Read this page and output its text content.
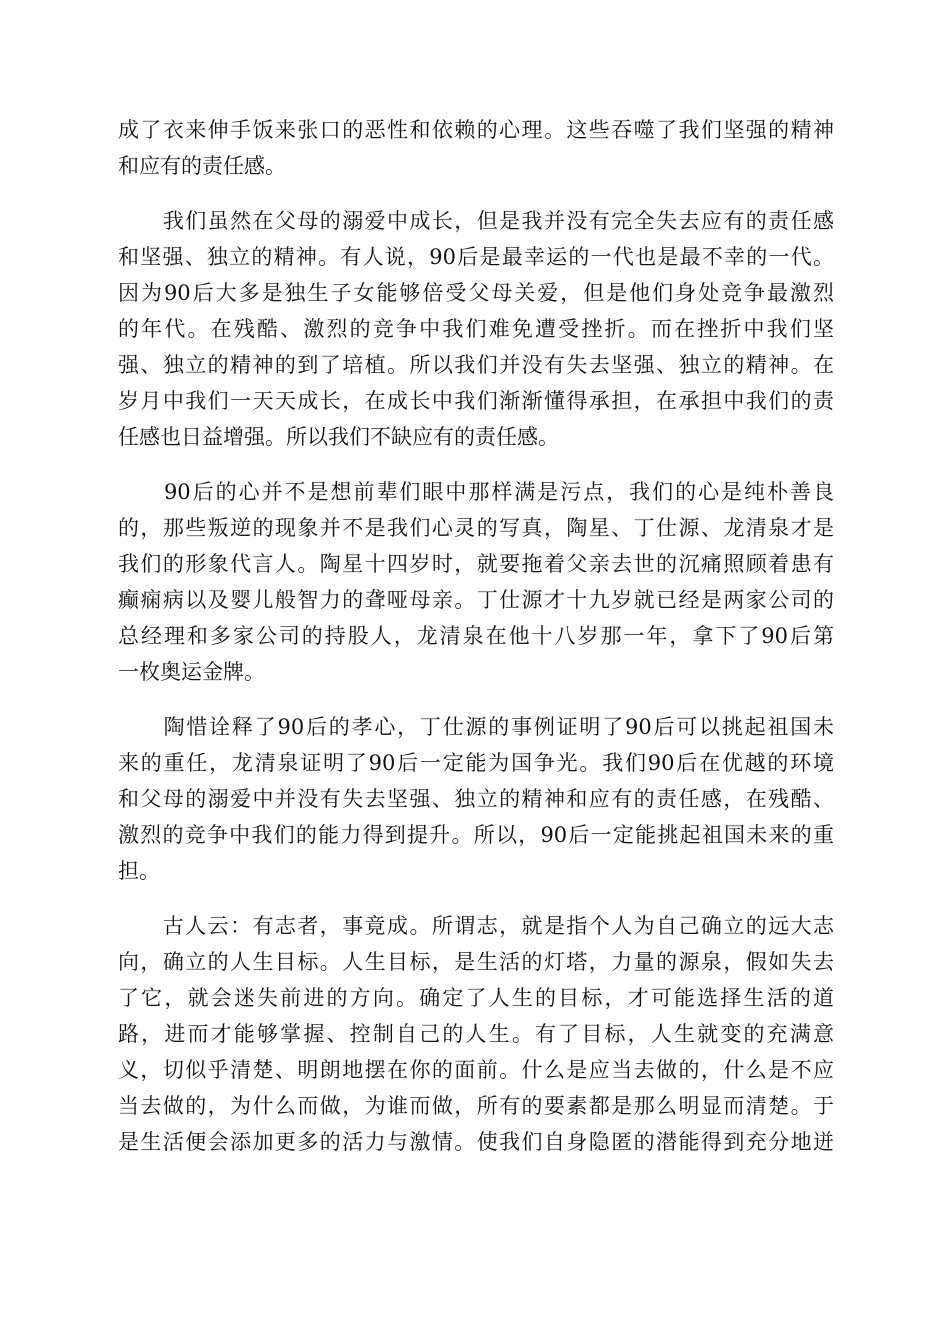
成了衣来伸手饭来张口的恶性和依赖的心理。这些吞噬了我们坚强的精神
和应有的责任感。
　　我们虽然在父母的溺爱中成长，但是我并没有完全失去应有的责任感
和坚强、独立的精神。有人说，90后是最幸运的一代也是最不幸的一代。
因为90后大多是独生子女能够倍受父母关爱，但是他们身处竞争最激烈
的年代。在残酷、激烈的竞争中我们难免遭受挫折。而在挫折中我们坚
强、独立的精神的到了培植。所以我们并没有失去坚强、独立的精神。在
岁月中我们一天天成长，在成长中我们渐渐懂得承担，在承担中我们的责
任感也日益增强。所以我们不缺应有的责任感。
　　90后的心并不是想前辈们眼中那样满是污点，我们的心是纯朴善良
的，那些叛逆的现象并不是我们心灵的写真，陶星、丁仕源、龙清泉才是
我们的形象代言人。陶星十四岁时，就要拖着父亲去世的沉痛照顾着患有
癫痫病以及婴儿般智力的聋哑母亲。丁仕源才十九岁就已经是两家公司的
总经理和多家公司的持股人，龙清泉在他十八岁那一年，拿下了90后第
一枚奥运金牌。
　　陶惜诠释了90后的孝心，丁仕源的事例证明了90后可以挑起祖国未
来的重任，龙清泉证明了90后一定能为国争光。我们90后在优越的环境
和父母的溺爱中并没有失去坚强、独立的精神和应有的责任感，在残酷、
激烈的竞争中我们的能力得到提升。所以，90后一定能挑起祖国未来的重
担。
　　古人云：有志者，事竟成。所谓志，就是指个人为自己确立的远大志
向，确立的人生目标。人生目标，是生活的灯塔，力量的源泉，假如失去
了它，就会迷失前进的方向。确定了人生的目标，才可能选择生活的道
路，进而才能够掌握、控制自己的人生。有了目标，人生就变的充满意
义，切似乎清楚、明朗地摆在你的面前。什么是应当去做的，什么是不应
当去做的，为什么而做，为谁而做，所有的要素都是那么明显而清楚。于
是生活便会添加更多的活力与激情。使我们自身隐匿的潜能得到充分地迸
